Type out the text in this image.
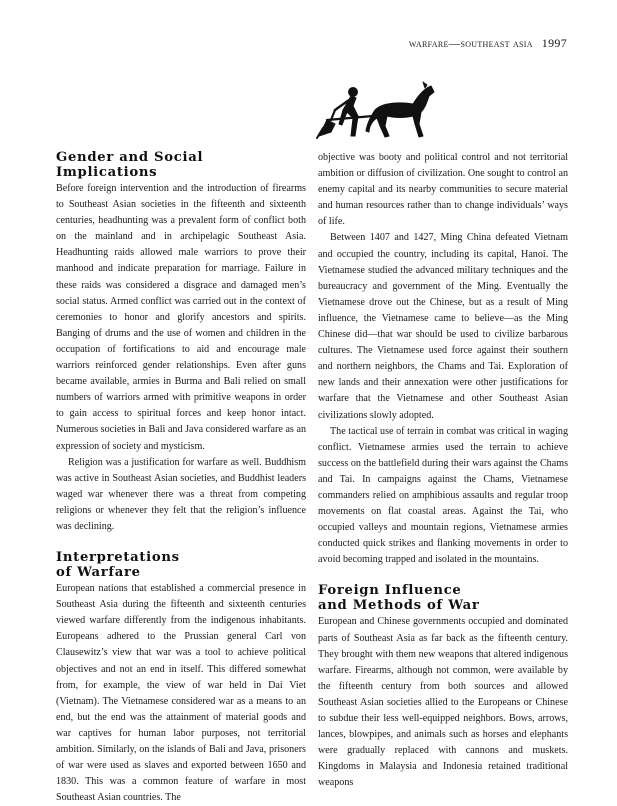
warfare—southeast asia 1997
Gender and Social
Implications

Before foreign intervention and the introduction of firearms to Southeast Asian societies in the fifteenth and sixteenth centuries, headhunting was a prevalent form of conflict both on the mainland and in archipelagic Southeast Asia. Headhunting raids allowed male warriors to prove their manhood and indicate preparation for marriage. Failure in these raids was considered a disgrace and damaged men’s social status. Armed conflict was carried out in the context of ceremonies to honor and glorify ancestors and spirits. Banging of drums and the use of women and children in the occupation of fortifications to aid and encourage male warriors reinforced gender relationships. Even after guns became available, armies in Burma and Bali relied on small numbers of warriors armed with primitive weapons in order to gain access to spiritual forces and keep honor intact. Numerous societies in Bali and Java considered warfare as an expression of society and mysticism.

Religion was a justification for warfare as well. Buddhism was active in Southeast Asian societies, and Buddhist leaders waged war whenever there was a threat from competing religions or whenever they felt that the religion’s influence was declining.

Interpretations
of Warfare

European nations that established a commercial presence in Southeast Asia during the fifteenth and sixteenth centuries viewed warfare differently from the indigenous inhabitants. Europeans adhered to the Prussian general Carl von Clausewitz’s view that war was a tool to achieve political objectives and not an end in itself. This differed somewhat from, for example, the view of war held in Dai Viet (Vietnam). The Vietnamese considered war as a means to an end, but the end was the attainment of material goods and war captives for human labor purposes, not territorial ambition. Similarly, on the islands of Bali and Java, prisoners of war were used as slaves and exported between 1650 and 1830. This was a common feature of warfare in most Southeast Asian countries. The

objective was booty and political control and not territorial ambition or diffusion of civilization. One sought to control an enemy capital and its nearby communities to secure material and human resources rather than to change individuals’ ways of life.

Between 1407 and 1427, Ming China defeated Vietnam and occupied the country, including its capital, Hanoi. The Vietnamese studied the advanced military techniques and the bureaucracy and government of the Ming. Eventually the Vietnamese drove out the Chinese, but as a result of Ming influence, the Vietnamese came to believe—as the Ming Chinese did—that war should be used to civilize barbarous cultures. The Vietnamese used force against their southern and northern neighbors, the Chams and Tai. Exploration of new lands and their annexation were other justifications for warfare that the Vietnamese and other Southeast Asian civilizations slowly adopted.

The tactical use of terrain in combat was critical in waging conflict. Vietnamese armies used the terrain to achieve success on the battlefield during their wars against the Chams and Tai. In campaigns against the Chams, Vietnamese commanders relied on amphibious assaults and regular troop movements on flat coastal areas. Against the Tai, who occupied valleys and mountain regions, Vietnamese armies conducted quick strikes and flanking movements in order to avoid becoming trapped and isolated in the mountains.

Foreign Influence
and Methods of War

European and Chinese governments occupied and dominated parts of Southeast Asia as far back as the fifteenth century. They brought with them new weapons that altered indigenous warfare. Firearms, although not common, were available by the fifteenth century from both sources and allowed Southeast Asian societies allied to the Europeans or Chinese to subdue their less well-equipped neighbors. Bows, arrows, lances, blowpipes, and animals such as horses and elephants were gradually replaced with cannons and muskets. Kingdoms in Malaysia and Indonesia retained traditional weapons
